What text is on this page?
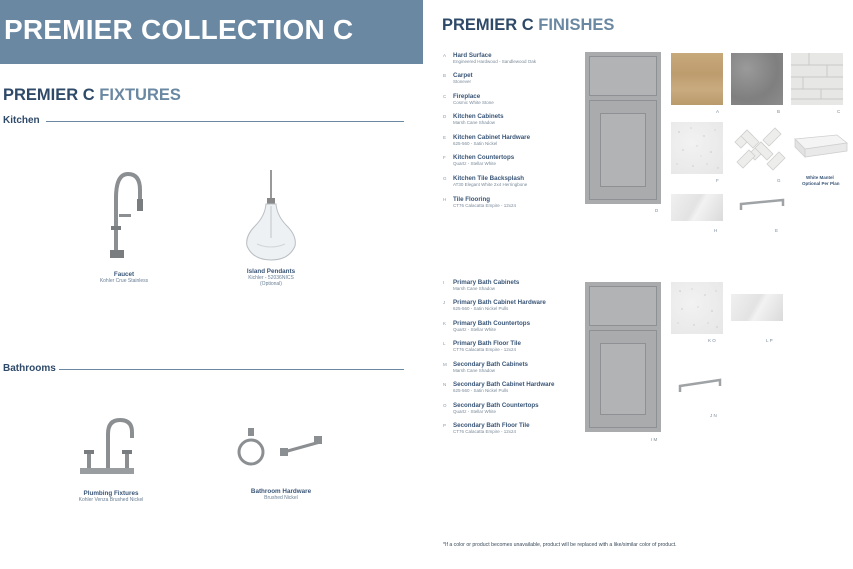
PREMIER COLLECTION C
PREMIER C FIXTURES
Kitchen
Faucet
Kohler Crue Stainless
Island Pendants
Kichler - 52036NICS
(Optional)
Bathrooms
Plumbing Fixtures
Kohler Venza Brushed Nickel
Bathroom Hardware
Brushed Nickel
PREMIER C FINISHES
A Hard Surface
Engineered Hardwood - Sandlewood Oak
B Carpet
Stonever
C Fireplace
Cosmic White Stone
D Kitchen Cabinets
Marsh Cane Shadow
E Kitchen Cabinet Hardware
625-560 - Satin Nickel
F Kitchen Countertops
Quartz - Stellar White
G Kitchen Tile Backsplash
AT30 Elegant White 2x4 Herringbone
H Tile Flooring
CT76 Calacatta Empire - 12x24
D
A	B	C
F	G
White Mantel
Optional Per Plan
H	E
I Primary Bath Cabinets
Marsh Cane Shadow
J Primary Bath Cabinet Hardware
625-560 - Satin Nickel Pulls
K Primary Bath Countertops
Quartz - Stellar White
L Primary Bath Floor Tile
CT76 Calacatta Empire - 12x24
M Secondary Bath Cabinets
Marsh Cane Shadow
N Secondary Bath Cabinet Hardware
625-560 - Satin Nickel Pulls
O Secondary Bath Countertops
Quartz - Stellar White
P Secondary Bath Floor Tile
CT76 Calacatta Empire - 12x24
I M
K O	L P
J N
*If a color or product becomes unavailable, product will be replaced with a like/similar color of product.
